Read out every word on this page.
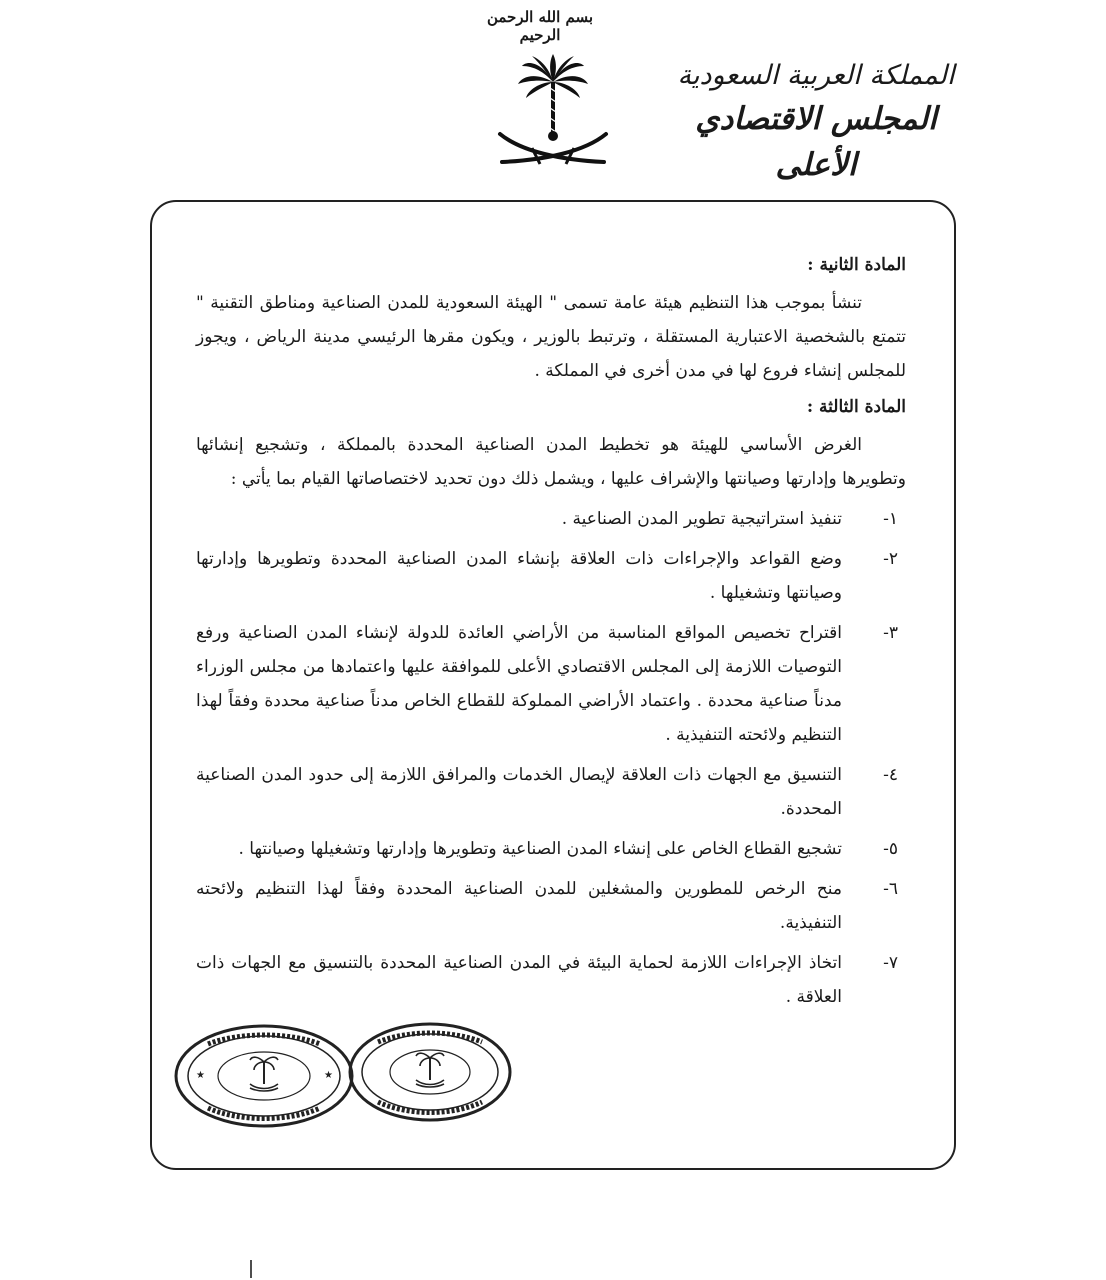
بسم الله الرحمن الرحيم
المملكة العربية السعودية
المجلس الاقتصادي الأعلى

المادة الثانية :

تنشأ بموجب هذا التنظيم هيئة عامة تسمى " الهيئة السعودية للمدن الصناعية ومناطق التقنية " تتمتع بالشخصية الاعتبارية المستقلة ، وترتبط بالوزير ، ويكون مقرها الرئيسي مدينة الرياض ، ويجوز للمجلس إنشاء فروع لها في مدن أخرى في المملكة .

المادة الثالثة :

الغرض الأساسي للهيئة هو تخطيط المدن الصناعية المحددة بالمملكة ، وتشجيع إنشائها وتطويرها وإدارتها وصيانتها والإشراف عليها ، ويشمل ذلك دون تحديد لاختصاصاتها القيام بما يأتي :

١-
تنفيذ استراتيجية تطوير المدن الصناعية .
٢-
وضع القواعد والإجراءات ذات العلاقة بإنشاء المدن الصناعية المحددة وتطويرها وإدارتها وصيانتها وتشغيلها .
٣-
اقتراح تخصيص المواقع المناسبة من الأراضي العائدة للدولة لإنشاء المدن الصناعية ورفع التوصيات اللازمة إلى المجلس الاقتصادي الأعلى للموافقة عليها واعتمادها من مجلس الوزراء مدناً صناعية محددة . واعتماد الأراضي المملوكة للقطاع الخاص مدناً صناعية محددة وفقاً لهذا التنظيم ولائحته التنفيذية .
٤-
التنسيق مع الجهات ذات العلاقة لإيصال الخدمات والمرافق اللازمة إلى حدود المدن الصناعية المحددة.
٥-
تشجيع القطاع الخاص على إنشاء المدن الصناعية وتطويرها وإدارتها وتشغيلها وصيانتها .
٦-
منح الرخص للمطورين والمشغلين للمدن الصناعية المحددة وفقاً لهذا التنظيم ولائحته التنفيذية.
٧-
اتخاذ الإجراءات اللازمة لحماية البيئة في المدن الصناعية المحددة بالتنسيق مع الجهات ذات العلاقة .
★	★
